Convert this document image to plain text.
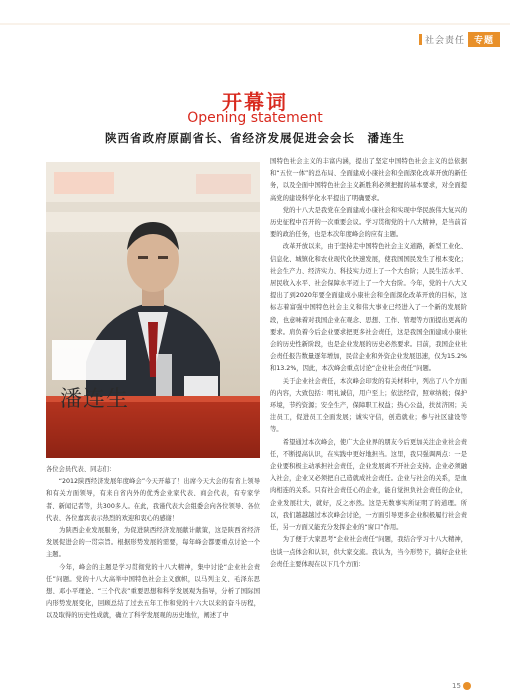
社会责任	专题
开幕词
Opening statement
陕西省政府原副省长、省经济发展促进会会长　潘连生
潘连生

各位会员代表、同志们：

　　“2012陕西经济发展年度峰会”今天开幕了！出席今天大会的有省上领导和有关方面领导，有来自省内外的优秀企业家代表、商会代表，有专家学者、新闻记者等，共300多人。在此，我谨代表大会组委会向各位领导、各位代表、各位嘉宾表示热烈的欢迎和衷心的感谢！

　　为陕西企业发展服务，为促进陕西经济发展献计献策，这是陕西省经济发展促进会的一贯宗旨。根据形势发展的需要，每年峰会都要重点讨论一个主题。

　　今年，峰会的主题是学习贯彻党的十八大精神，集中讨论“企业社会责任”问题。党的十八大高举中国特色社会主义旗帜，以马列主义、毛泽东思想、邓小平理论、“三个代表”重要思想和科学发展观为指导，分析了国际国内形势发展变化，回顾总结了过去五年工作和党的十六大以来的奋斗历程，以及取得的历史性成就，确立了科学发展观的历史地位，阐述了中

国特色社会主义的丰富内涵，提出了坚定中国特色社会主义的总依据和“五位一体”的总布局、全面建成小康社会和全面深化改革开放的新任务，以及全面中国特色社会主义新胜利必须把握的基本要求，对全面提高党的建设科学化水平提出了明确要求。

　　党的十八大是我党在全面建成小康社会和实现中华民族伟大复兴的历史征程中召开的一次重要会议。学习贯彻党的十八大精神，是当前首要的政治任务，也是本次年度峰会的应有主题。

　　改革开放以来，由于坚持走中国特色社会主义道路，新型工业化、信息化、城镇化和农业现代化快速发展，使我国国民发生了根本变化；社会生产力、经济实力、科技实力迈上了一个大台阶；人民生活水平、居民收入水平、社会保障水平迈上了一个大台阶。今年，党的十八大又提出了到2020年要全面建成小康社会和全面深化改革开放的目标，这标志着富强中国特色社会主义和伟大事业已经进入了一个新的发展阶段，也意味着对我国企业在观念、思想、工作、管理等方面提出更高的要求。肩负着今后企业要求把更多社会责任，这是我国全面建成小康社会的历史性新阶段，也是企业发展的历史必然要求。目前，我国企业社会责任报告数量逐年增加，民营企业和外资企业发展迅速，仅为15.2%和13.2%，因此，本次峰会重点讨论“企业社会责任”问题。

　　关于企业社会责任，本次峰会印发的有关材料中，列出了八个方面的内容，大致包括：明礼诚信，用户至上；依法经营，照章纳税；保护环境，节约资源；安全生产，保障职工权益；热心公益，扶贫济困；关注员工，促进员工全面发展；诚实守信，创造就业；参与社区建设等等。

　　希望通过本次峰会，使广大企业界的朋友今后更加关注企业社会责任，不断提高认识，在实践中更好地担当。这里，我只强调两点：一是企业要积极主动承担社会责任，企业发展离不开社会支持。企业必须融入社会，企业又必须把自己造就成社会责任。企业与社会的关系，是血肉相连的关系。只有社会责任心的企业，能自觉担负社会责任的企业，企业发展壮大，就好，反之亦然。这是无数事实所证明了的道理。所以，我们越越越过本次峰会讨论，一方面引导更多企业积极履行社会责任，另一方面又能充分发挥企业的“窗口”作用。

　　为了便于大家思考“企业社会责任”问题，我结合学习十八大精神，也谈一点体会和认识，供大家交流。我认为，当今形势下，搞好企业社会责任主要体现在以下几个方面：

15
